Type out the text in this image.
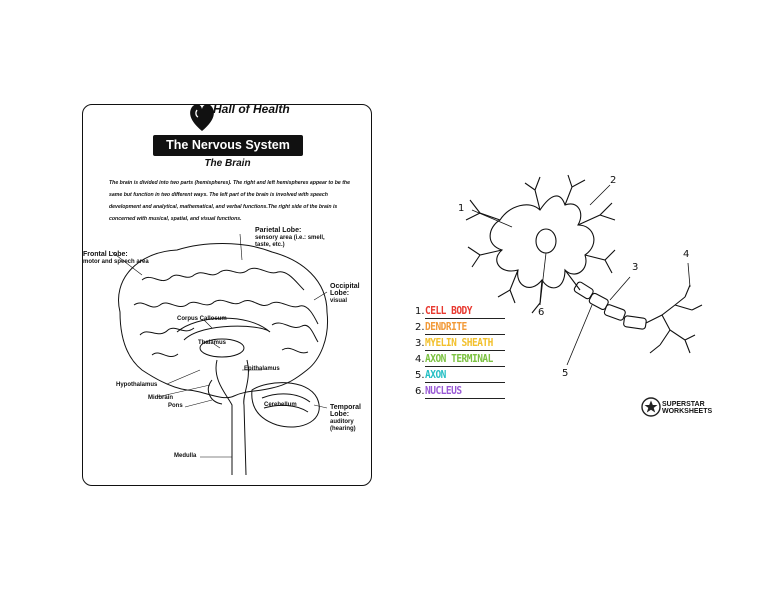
Hall of Health
The Nervous System
The Brain
The brain is divided into two parts (hemispheres). The right and left hemispheres appear to be the same but function in two different ways. The left part of the brain is involved with speech development and analytical, mathematical, and verbal functions.The right side of the brain is concerned with musical, spatial, and visual functions.
Frontal Lobe:
motor and speech area
Parietal Lobe:
sensory area (i.e.: smell, taste, etc.)
Occipital Lobe:
visual
Corpus Callosum
Thalamus
Epithalamus
Hypothalamus
Midbrain
Pons	Cerebellum	Temporal Lobe:
auditory (hearing)
Medulla
1
2
3
4
5
6
1. CELL BODY
2. DENDRITE
3. MYELIN SHEATH
4. AXON TERMINAL
5. AXON
6. NUCLEUS
SUPERSTAR
WORKSHEETS
